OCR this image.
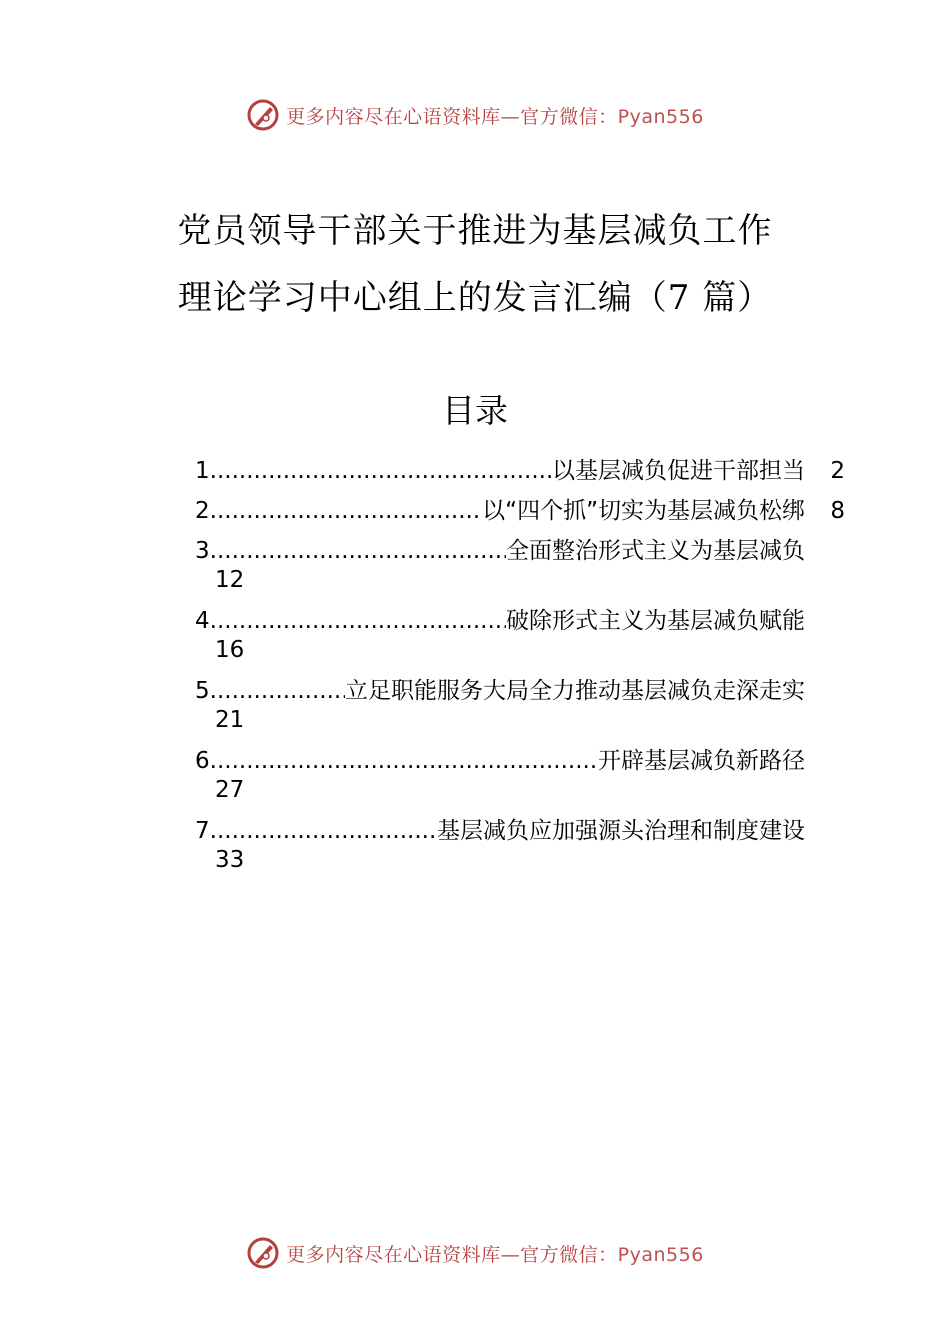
更多内容尽在心语资料库—官方微信：Pyan556
党员领导干部关于推进为基层减负工作
理论学习中心组上的发言汇编（7 篇）
目录
1 .....	以基层减负促进干部担当	2
2 .....	以“四个抓”切实为基层减负松绑	8
3 .....	全面整治形式主义为基层减负
12
4 .....	破除形式主义为基层减负赋能
16
5 .....	立足职能服务大局全力推动基层减负走深走实
21
6 .....	开辟基层减负新路径
27
7 .....	基层减负应加强源头治理和制度建设
33
更多内容尽在心语资料库—官方微信：Pyan556
